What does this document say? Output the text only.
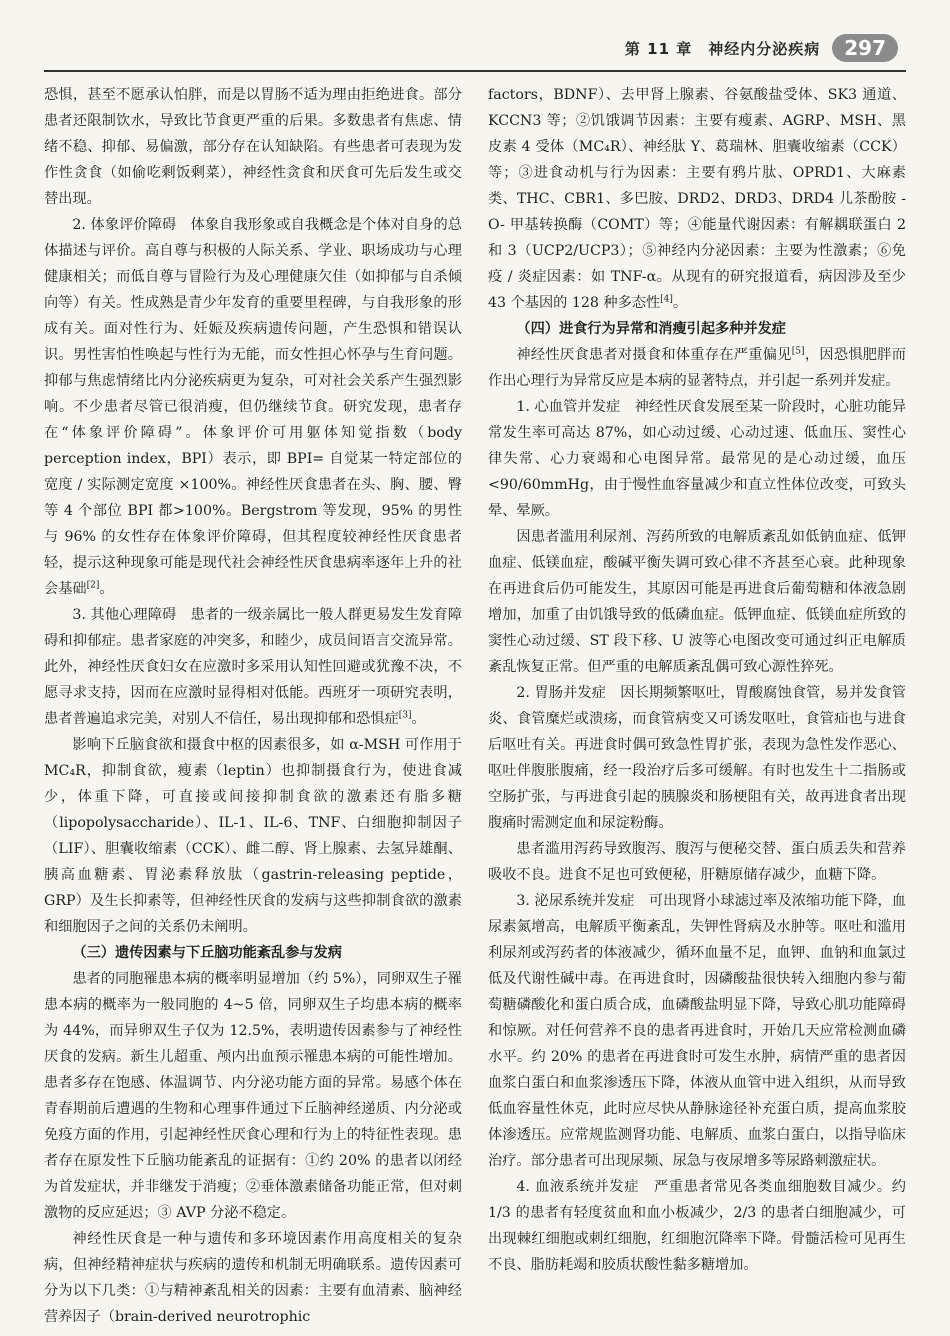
第 11 章　神经内分泌疾病	297

恐惧，甚至不愿承认怕胖，而是以胃肠不适为理由拒绝进食。部分患者还限制饮水，导致比节食更严重的后果。多数患者有焦虑、情绪不稳、抑郁、易偏激，部分存在认知缺陷。有些患者可表现为发作性贪食（如偷吃剩饭剩菜），神经性贪食和厌食可先后发生或交替出现。

2. 体象评价障碍　体象自我形象或自我概念是个体对自身的总体描述与评价。高自尊与积极的人际关系、学业、职场成功与心理健康相关；而低自尊与冒险行为及心理健康欠佳（如抑郁与自杀倾向等）有关。性成熟是青少年发育的重要里程碑，与自我形象的形成有关。面对性行为、妊娠及疾病遗传问题，产生恐惧和错误认识。男性害怕性唤起与性行为无能，而女性担心怀孕与生育问题。抑郁与焦虑情绪比内分泌疾病更为复杂，可对社会关系产生强烈影响。不少患者尽管已很消瘦，但仍继续节食。研究发现，患者存在“体象评价障碍”。体象评价可用躯体知觉指数（body perception index，BPI）表示，即 BPI= 自觉某一特定部位的宽度 / 实际测定宽度 ×100%。神经性厌食患者在头、胸、腰、臀等 4 个部位 BPI 都>100%。Bergstrom 等发现，95% 的男性与 96% 的女性存在体象评价障碍，但其程度较神经性厌食患者轻，提示这种现象可能是现代社会神经性厌食患病率逐年上升的社会基础[2]。

3. 其他心理障碍　患者的一级亲属比一般人群更易发生发育障碍和抑郁症。患者家庭的冲突多，和睦少，成员间语言交流异常。此外，神经性厌食妇女在应激时多采用认知性回避或犹豫不决，不愿寻求支持，因而在应激时显得相对低能。西班牙一项研究表明，患者普遍追求完美，对别人不信任，易出现抑郁和恐惧症[3]。

影响下丘脑食欲和摄食中枢的因素很多，如 α-MSH 可作用于 MC₄R，抑制食欲，瘦素（leptin）也抑制摄食行为，使进食减少，体重下降，可直接或间接抑制食欲的激素还有脂多糖（lipopolysaccharide）、IL-1、IL-6、TNF、白细胞抑制因子（LIF）、胆囊收缩素（CCK）、雌二醇、肾上腺素、去氢异雄酮、胰高血糖素、胃泌素释放肽（gastrin-releasing peptide，GRP）及生长抑素等，但神经性厌食的发病与这些抑制食欲的激素和细胞因子之间的关系仍未阐明。

（三）遗传因素与下丘脑功能紊乱参与发病

患者的同胞罹患本病的概率明显增加（约 5%），同卵双生子罹患本病的概率为一般同胞的 4~5 倍，同卵双生子均患本病的概率为 44%，而异卵双生子仅为 12.5%，表明遗传因素参与了神经性厌食的发病。新生儿超重、颅内出血预示罹患本病的可能性增加。患者多存在饱感、体温调节、内分泌功能方面的异常。易感个体在青春期前后遭遇的生物和心理事件通过下丘脑神经递质、内分泌或免疫方面的作用，引起神经性厌食心理和行为上的特征性表现。患者存在原发性下丘脑功能紊乱的证据有：①约 20% 的患者以闭经为首发症状，并非继发于消瘦；②垂体激素储备功能正常，但对刺激物的反应延迟；③ AVP 分泌不稳定。

神经性厌食是一种与遗传和多环境因素作用高度相关的复杂病，但神经精神症状与疾病的遗传和机制无明确联系。遗传因素可分为以下几类：①与精神紊乱相关的因素：主要有血清素、脑神经营养因子（brain-derived neurotrophic

factors，BDNF）、去甲肾上腺素、谷氨酸盐受体、SK3 通道、KCCN3 等；②饥饿调节因素：主要有瘦素、AGRP、MSH、黑皮素 4 受体（MC₄R）、神经肽 Y、葛瑞林、胆囊收缩素（CCK）等；③进食动机与行为因素：主要有鸦片肽、OPRD1、大麻素类、THC、CBR1、多巴胺、DRD2、DRD3、DRD4 儿茶酚胺 -O- 甲基转换酶（COMT）等；④能量代谢因素：有解耦联蛋白 2 和 3（UCP2/UCP3）；⑤神经内分泌因素：主要为性激素；⑥免疫 / 炎症因素：如 TNF-α。从现有的研究报道看，病因涉及至少 43 个基因的 128 种多态性[4]。

（四）进食行为异常和消瘦引起多种并发症

神经性厌食患者对摄食和体重存在严重偏见[5]，因恐惧肥胖而作出心理行为异常反应是本病的显著特点，并引起一系列并发症。

1. 心血管并发症　神经性厌食发展至某一阶段时，心脏功能异常发生率可高达 87%，如心动过缓、心动过速、低血压、窦性心律失常、心力衰竭和心电图异常。最常见的是心动过缓，血压<90/60mmHg，由于慢性血容量减少和直立性体位改变，可致头晕、晕厥。

因患者滥用利尿剂、泻药所致的电解质紊乱如低钠血症、低钾血症、低镁血症，酸碱平衡失调可致心律不齐甚至心衰。此种现象在再进食后仍可能发生，其原因可能是再进食后葡萄糖和体液急剧增加，加重了由饥饿导致的低磷血症。低钾血症、低镁血症所致的窦性心动过缓、ST 段下移、U 波等心电图改变可通过纠正电解质紊乱恢复正常。但严重的电解质紊乱偶可致心源性猝死。

2. 胃肠并发症　因长期频繁呕吐，胃酸腐蚀食管，易并发食管炎、食管糜烂或溃疡，而食管病变又可诱发呕吐，食管疝也与进食后呕吐有关。再进食时偶可致急性胃扩张，表现为急性发作恶心、呕吐伴腹胀腹痛，经一段治疗后多可缓解。有时也发生十二指肠或空肠扩张，与再进食引起的胰腺炎和肠梗阻有关，故再进食者出现腹痛时需测定血和尿淀粉酶。

患者滥用泻药导致腹泻、腹泻与便秘交替、蛋白质丢失和营养吸收不良。进食不足也可致便秘，肝糖原储存减少，血糖下降。

3. 泌尿系统并发症　可出现肾小球滤过率及浓缩功能下降，血尿素氮增高，电解质平衡紊乱，失钾性肾病及水肿等。呕吐和滥用利尿剂或泻药者的体液减少，循环血量不足，血钾、血钠和血氯过低及代谢性碱中毒。在再进食时，因磷酸盐很快转入细胞内参与葡萄糖磷酸化和蛋白质合成，血磷酸盐明显下降，导致心肌功能障碍和惊厥。对任何营养不良的患者再进食时，开始几天应常检测血磷水平。约 20% 的患者在再进食时可发生水肿，病情严重的患者因血浆白蛋白和血浆渗透压下降，体液从血管中进入组织，从而导致低血容量性休克，此时应尽快从静脉途径补充蛋白质，提高血浆胶体渗透压。应常规监测肾功能、电解质、血浆白蛋白，以指导临床治疗。部分患者可出现尿频、尿急与夜尿增多等尿路刺激症状。

4. 血液系统并发症　严重患者常见各类血细胞数目减少。约 1/3 的患者有轻度贫血和血小板减少，2/3 的患者白细胞减少，可出现棘红细胞或刺红细胞，红细胞沉降率下降。骨髓活检可见再生不良、脂肪耗竭和胶质状酸性黏多糖增加。
